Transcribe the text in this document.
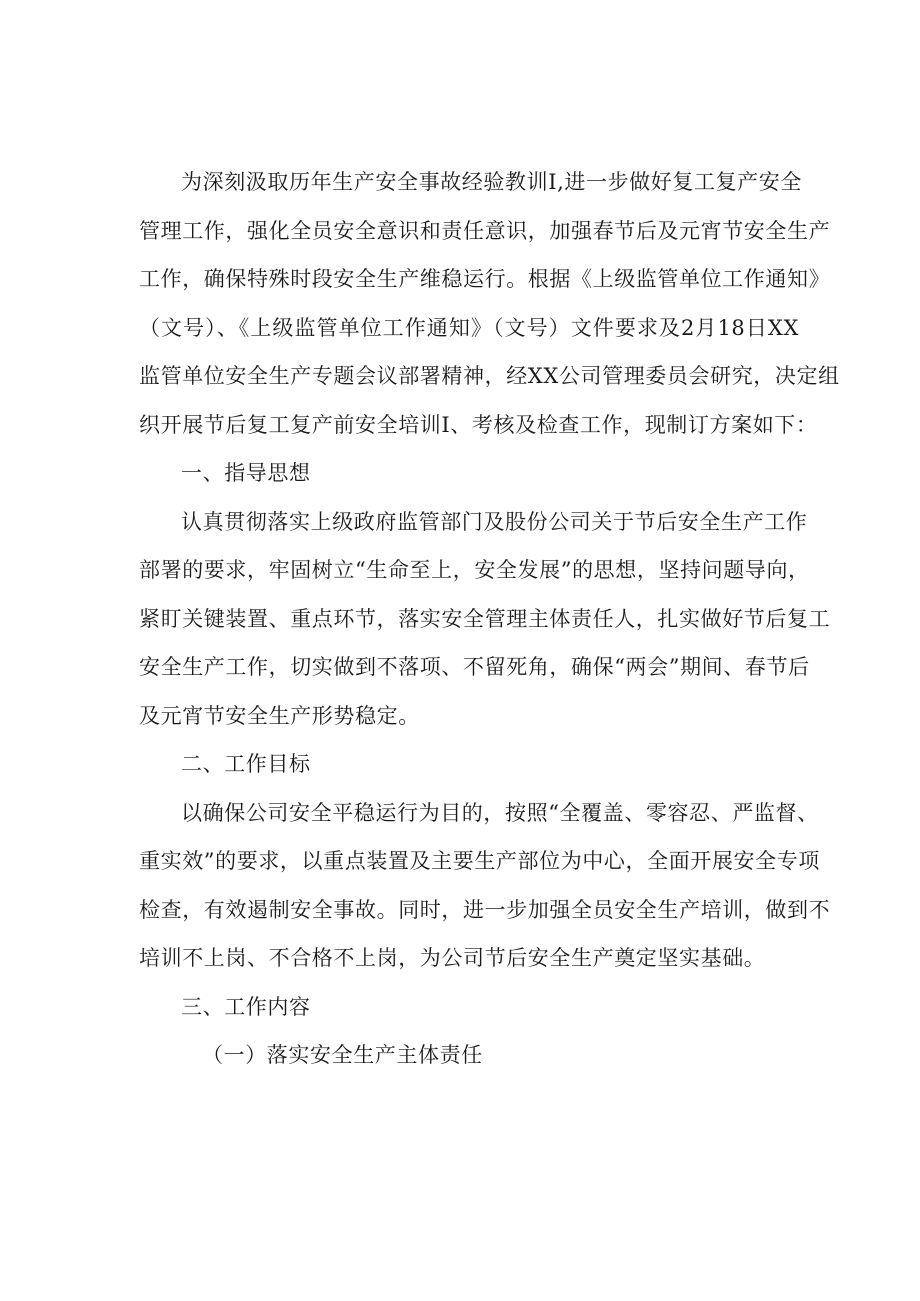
为深刻汲取历年生产安全事故经验教训I,进一步做好复工复产安全
管理工作，强化全员安全意识和责任意识，加强春节后及元宵节安全生产
工作，确保特殊时段安全生产维稳运行。根据《上级监管单位工作通知》
（文号）、《上级监管单位工作通知》（文号）文件要求及2月18日XX
监管单位安全生产专题会议部署精神，经XX公司管理委员会研究，决定组
织开展节后复工复产前安全培训I、考核及检查工作，现制订方案如下：
一、指导思想
认真贯彻落实上级政府监管部门及股份公司关于节后安全生产工作
部署的要求，牢固树立“生命至上，安全发展”的思想，坚持问题导向，
紧盯关键装置、重点环节，落实安全管理主体责任人，扎实做好节后复工
安全生产工作，切实做到不落项、不留死角，确保“两会”期间、春节后
及元宵节安全生产形势稳定。
二、工作目标
以确保公司安全平稳运行为目的，按照“全覆盖、零容忍、严监督、
重实效”的要求，以重点装置及主要生产部位为中心，全面开展安全专项
检查，有效遏制安全事故。同时，进一步加强全员安全生产培训，做到不
培训不上岗、不合格不上岗，为公司节后安全生产奠定坚实基础。
三、工作内容
（一）落实安全生产主体责任
